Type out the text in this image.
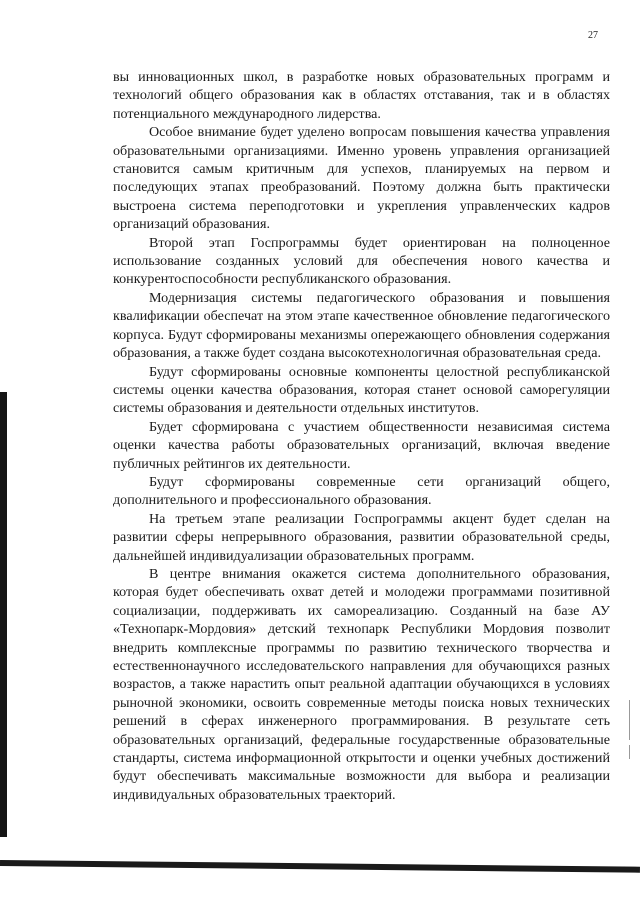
27

вы инновационных школ, в разработке новых образовательных программ и технологий общего образования как в областях отставания, так и в областях потенциального международного лидерства.

Особое внимание будет уделено вопросам повышения качества управления образовательными организациями. Именно уровень управления организацией становится самым критичным для успехов, планируемых на первом и последующих этапах преобразований. Поэтому должна быть практически выстроена система переподготовки и укрепления управленческих кадров организаций образования.

Второй этап Госпрограммы будет ориентирован на полноценное использование созданных условий для обеспечения нового качества и конкурентоспособности республиканского образования.

Модернизация системы педагогического образования и повышения квалификации обеспечат на этом этапе качественное обновление педагогического корпуса. Будут сформированы механизмы опережающего обновления содержания образования, а также будет создана высокотехнологичная образовательная среда.

Будут сформированы основные компоненты целостной республиканской системы оценки качества образования, которая станет основой саморегуляции системы образования и деятельности отдельных институтов.

Будет сформирована с участием общественности независимая система оценки качества работы образовательных организаций, включая введение публичных рейтингов их деятельности.

Будут сформированы современные сети организаций общего, дополнительного и профессионального образования.

На третьем этапе реализации Госпрограммы акцент будет сделан на развитии сферы непрерывного образования, развитии образовательной среды, дальнейшей индивидуализации образовательных программ.

В центре внимания окажется система дополнительного образования, которая будет обеспечивать охват детей и молодежи программами позитивной социализации, поддерживать их самореализацию. Созданный на базе АУ «Технопарк-Мордовия» детский технопарк Республики Мордовия позволит внедрить комплексные программы по развитию технического творчества и естественнонаучного исследовательского направления для обучающихся разных возрастов, а также нарастить опыт реальной адаптации обучающихся в условиях рыночной экономики, освоить современные методы поиска новых технических решений в сферах инженерного программирования. В результате сеть образовательных организаций, федеральные государственные образовательные стандарты, система информационной открытости и оценки учебных достижений будут обеспечивать максимальные возможности для выбора и реализации индивидуальных образовательных траекторий.
